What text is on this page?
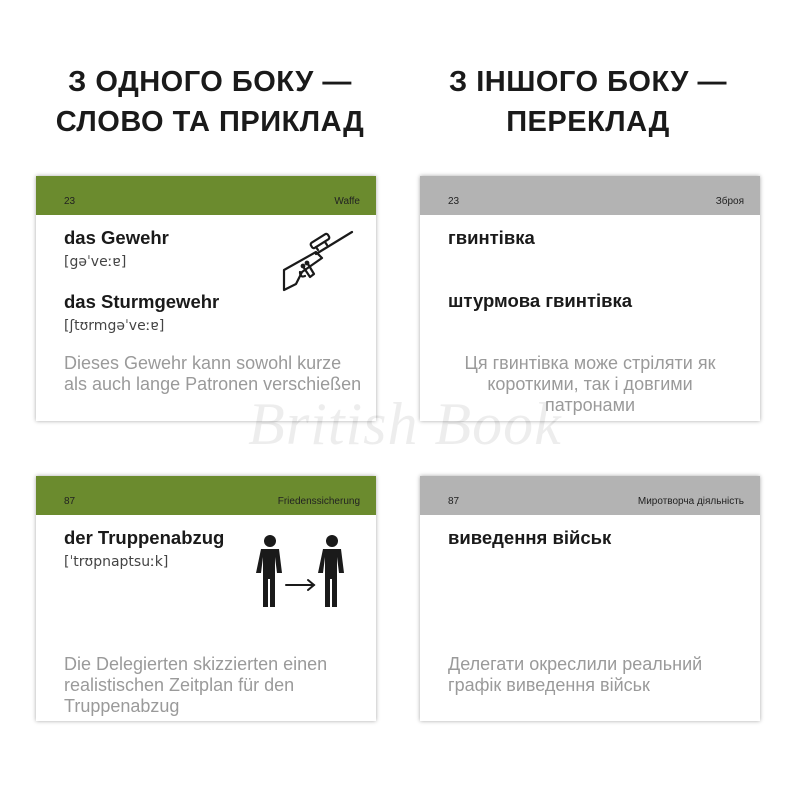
З ОДНОГО БОКУ —
СЛОВО ТА ПРИКЛАД
З ІНШОГО БОКУ —
ПЕРЕКЛАД
23	Waffe
das Gewehr
[gəˈveːɐ]
das Sturmgewehr
[ʃtʊrmgəˈveːɐ]
Dieses Gewehr kann sowohl kurze als auch lange Patronen verschießen
23	Зброя
гвинтівка
штурмова гвинтівка
Ця гвинтівка може стріляти як короткими, так і довгими патронами
87	Friedenssicherung
der Truppenabzug
[ˈtrʊpnaptsuːk]
Die Delegierten skizzierten einen realistischen Zeitplan für den Truppenabzug
87	Миротворча діяльність
виведення військ
Делегати окреслили реальний графік виведення військ
British Book
